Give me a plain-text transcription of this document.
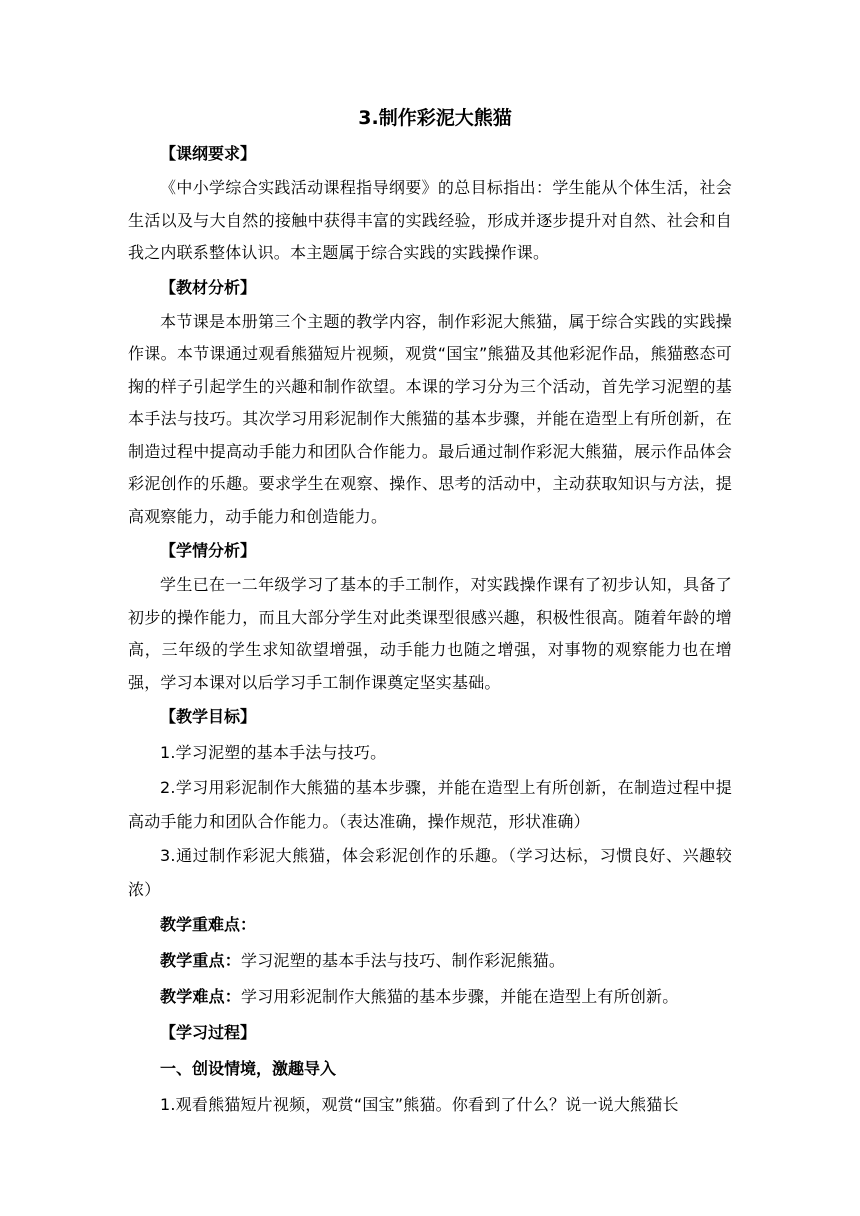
3.制作彩泥大熊猫

【课纲要求】

《中小学综合实践活动课程指导纲要》的总目标指出：学生能从个体生活，社会生活以及与大自然的接触中获得丰富的实践经验，形成并逐步提升对自然、社会和自我之内联系整体认识。本主题属于综合实践的实践操作课。

【教材分析】

本节课是本册第三个主题的教学内容，制作彩泥大熊猫，属于综合实践的实践操作课。本节课通过观看熊猫短片视频，观赏“国宝”熊猫及其他彩泥作品，熊猫憨态可掬的样子引起学生的兴趣和制作欲望。本课的学习分为三个活动，首先学习泥塑的基本手法与技巧。其次学习用彩泥制作大熊猫的基本步骤，并能在造型上有所创新，在制造过程中提高动手能力和团队合作能力。最后通过制作彩泥大熊猫，展示作品体会彩泥创作的乐趣。要求学生在观察、操作、思考的活动中，主动获取知识与方法，提高观察能力，动手能力和创造能力。

【学情分析】

学生已在一二年级学习了基本的手工制作，对实践操作课有了初步认知，具备了初步的操作能力，而且大部分学生对此类课型很感兴趣，积极性很高。随着年龄的增高，三年级的学生求知欲望增强，动手能力也随之增强，对事物的观察能力也在增强，学习本课对以后学习手工制作课奠定坚实基础。

【教学目标】

1.学习泥塑的基本手法与技巧。

2.学习用彩泥制作大熊猫的基本步骤，并能在造型上有所创新，在制造过程中提高动手能力和团队合作能力。（表达准确，操作规范，形状准确）

3.通过制作彩泥大熊猫，体会彩泥创作的乐趣。（学习达标，习惯良好、兴趣较浓）

教学重难点：

教学重点：学习泥塑的基本手法与技巧、制作彩泥熊猫。

教学难点：学习用彩泥制作大熊猫的基本步骤，并能在造型上有所创新。

【学习过程】

一、创设情境，激趣导入

1.观看熊猫短片视频，观赏“国宝”熊猫。你看到了什么？说一说大熊猫长
